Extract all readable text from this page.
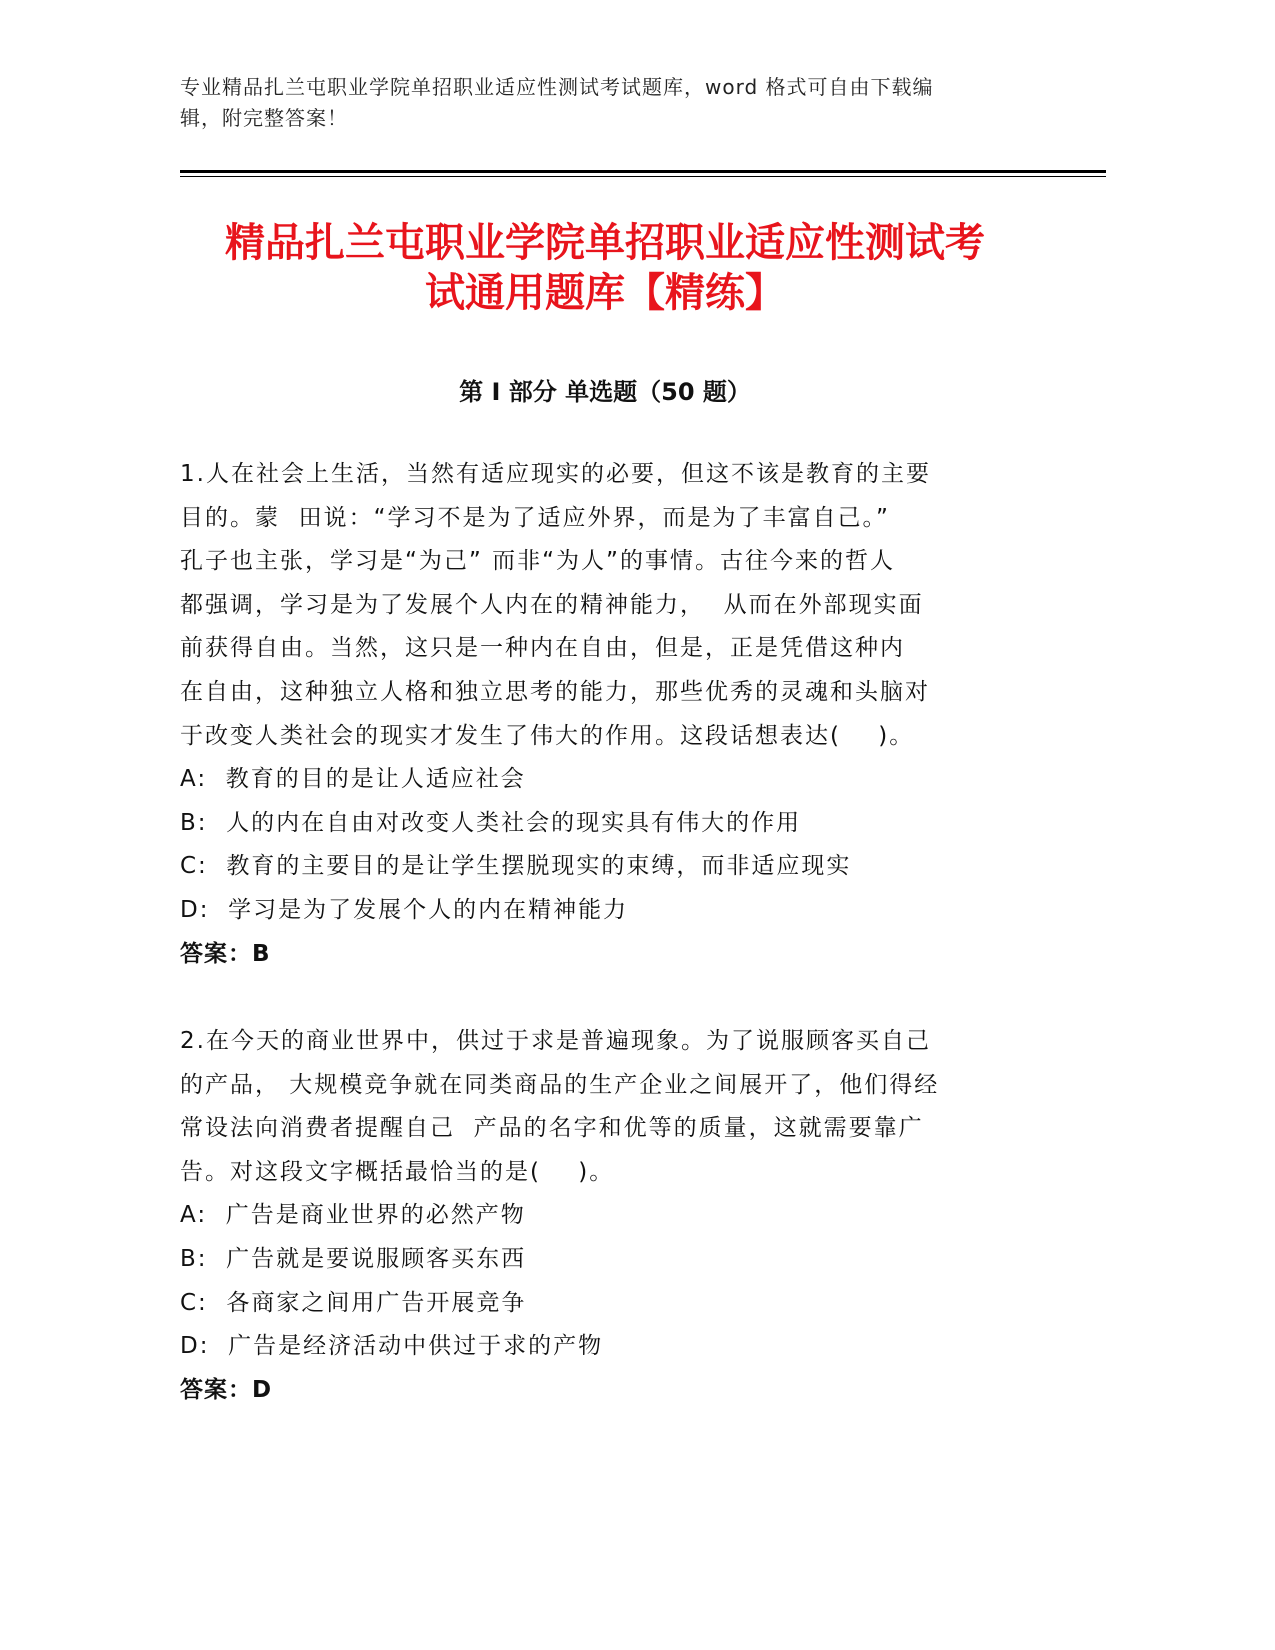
专业精品扎兰屯职业学院单招职业适应性测试考试题库，word 格式可自由下载编
辑，附完整答案！
精品扎兰屯职业学院单招职业适应性测试考
试通用题库【精练】
第 I 部分 单选题（50 题）
1.人在社会上生活，当然有适应现实的必要，但这不该是教育的主要
目的。蒙  田说：“学习不是为了适应外界，而是为了丰富自己。”
孔子也主张，学习是“为己” 而非“为人”的事情。古往今来的哲人
都强调，学习是为了发展个人内在的精神能力，  从而在外部现实面
前获得自由。当然，这只是一种内在自由，但是，正是凭借这种内
在自由，这种独立人格和独立思考的能力，那些优秀的灵魂和头脑对
于改变人类社会的现实才发生了伟大的作用。这段话想表达(    )。
A:  教育的目的是让人适应社会
B:  人的内在自由对改变人类社会的现实具有伟大的作用
C:  教育的主要目的是让学生摆脱现实的束缚，而非适应现实
D:  学习是为了发展个人的内在精神能力
答案：B
2.在今天的商业世界中，供过于求是普遍现象。为了说服顾客买自己
的产品， 大规模竞争就在同类商品的生产企业之间展开了，他们得经
常设法向消费者提醒自己  产品的名字和优等的质量，这就需要靠广
告。对这段文字概括最恰当的是(    )。
A:  广告是商业世界的必然产物
B:  广告就是要说服顾客买东西
C:  各商家之间用广告开展竞争
D:  广告是经济活动中供过于求的产物
答案：D
